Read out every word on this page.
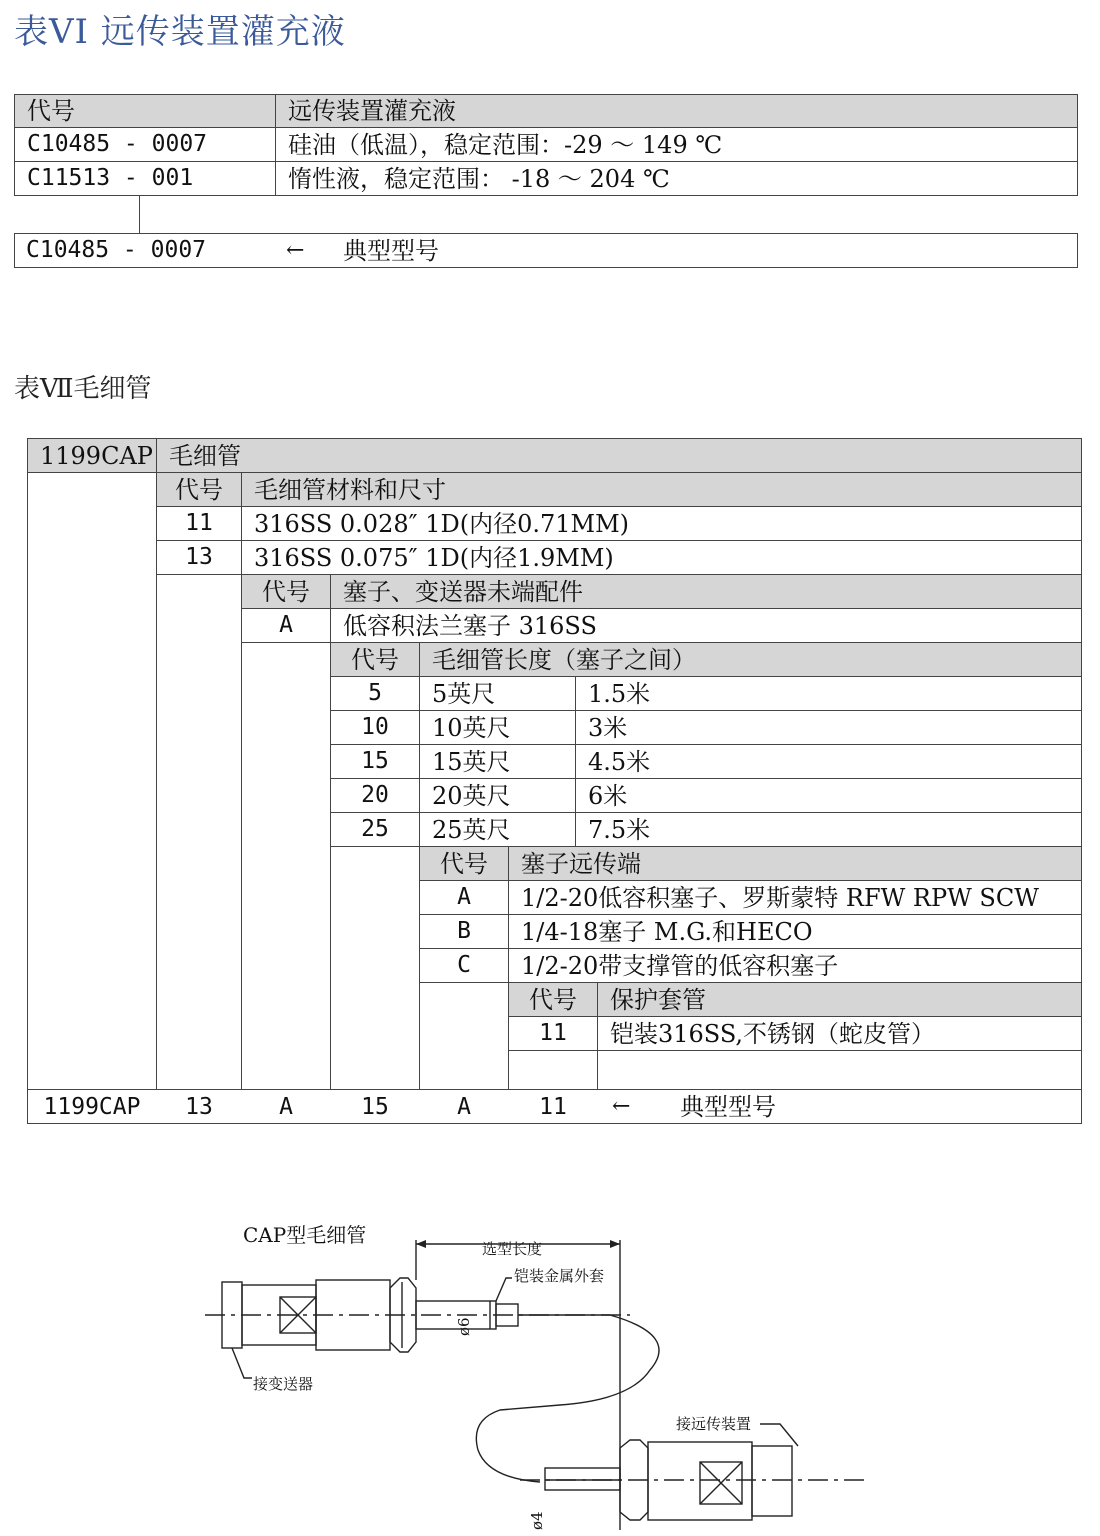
表VI 远传装置灌充液
代号	远传装置灌充液
C10485 - 0007	硅油（低温），稳定范围：-29 ～ 149 ℃
C11513 - 001	惰性液，稳定范围： -18 ～ 204 ℃
C10485 - 0007	← 典型型号
表Ⅶ毛细管
1199CAP 毛细管
代号	毛细管材料和尺寸
11	316SS 0.028″ 1D(内径0.71MM)
13	316SS 0.075″ 1D(内径1.9MM)
代号	塞子、变送器未端配件
A	低容积法兰塞子 316SS
代号	毛细管长度（塞子之间）
5	5英尺	1.5米
10	10英尺	3米
15	15英尺	4.5米
20	20英尺	6米
25	25英尺	7.5米
代号	塞子远传端
A	1/2-20低容积塞子、罗斯蒙特 RFW RPW SCW
B	1/4-18塞子 M.G.和HECO
C	1/2-20带支撑管的低容积塞子
代号	保护套管
11	铠装316SS,不锈钢（蛇皮管）
1199CAP	13	A	15	A	11	← 典型型号
CAP型毛细管
选型长度
铠装金属外套
ø6
接变送器
接远传装置
ø4
